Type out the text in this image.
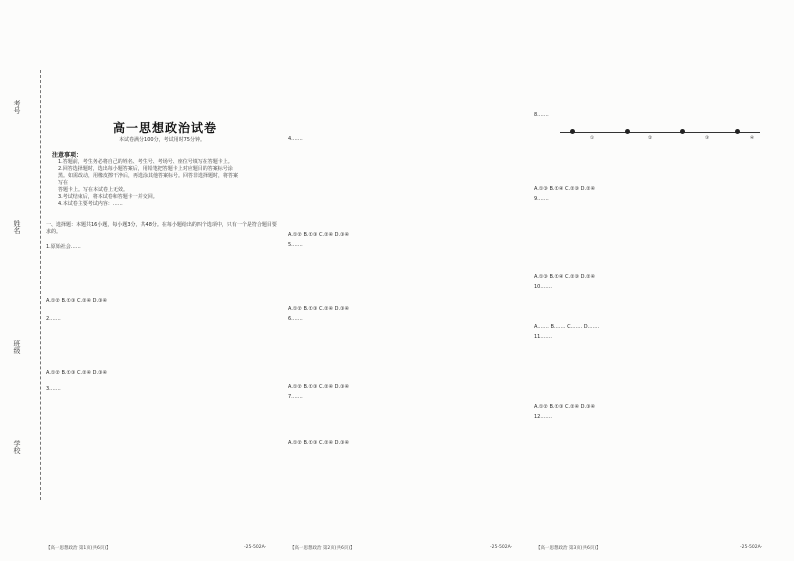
考号
姓名
班级
学校
高一思想政治试卷
本试卷满分100分，考试用时75分钟。
注意事项：
1.答题前，考生务必将自己的姓名、考生号、考场号、座位号填写在答题卡上。
2.回答选择题时，选出每小题答案后，用铅笔把答题卡上对应题目的答案标号涂
黑。如需改动，用橡皮擦干净后，再选涂其他答案标号。回答非选择题时，将答案写在
答题卡上。写在本试卷上无效。
3.考试结束后，将本试卷和答题卡一并交回。
4.本试卷主要考试内容：……
一、选择题：本题共16小题，每小题3分，共48分。在每小题给出的四个选项中，只有一个是符合题目要求的。
1.原始社会……
A.①② B.①③ C.②④ D.③④
2.……
A.①② B.①③ C.②④ D.③④
3.……
4.……
A.①② B.①③ C.②④ D.③④
5.……
A.①② B.①③ C.②④ D.③④
6.……
A.①② B.①③ C.②④ D.③④
7.……
A.①② B.①③ C.②④ D.③④
8.……
①	②	③	④
A.①③ B.①④ C.②③ D.②④
9.……
A.①③ B.①④ C.②③ D.②④
10.……
A.…… B.…… C.…… D.……
11.……
A.①② B.①③ C.②④ D.③④
12.……
【高一思想政治 第1页(共6页)】	-25-502A-	【高一思想政治 第2页(共6页)】	-25-502A-	【高一思想政治 第3页(共6页)】	-25-502A-
